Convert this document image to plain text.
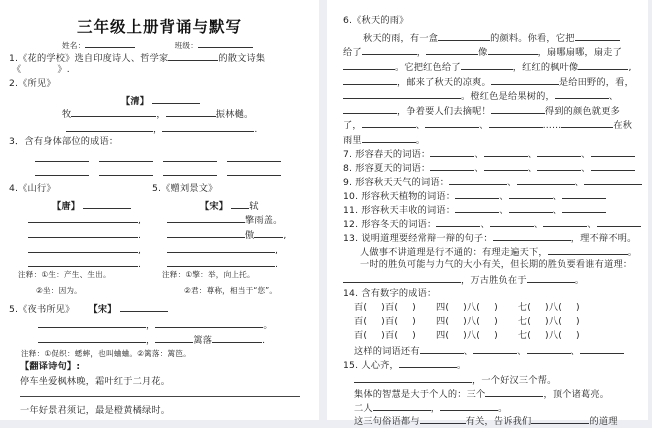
三年级上册背诵与默写
姓名：	班级：
1.《花的学校》选自印度诗人、哲学家	的散文诗集
《	》.
2.《所见》
【清】
牧	，	振林樾。
，	.
3．含有身体部位的成语：
4.《山行》
【唐】
,
.
,
.
注释：①生：产生、生出。
②坐：因为。
5.《赠刘景文》
【宋】 轼
擎雨盖。
傲	,
,
.
注释：①擎：举，向上托。
②君：尊称，相当于“您”。
5.《夜书所见》 【宋】
，	。
，	篱落	.
注释：①促织：蟋蟀，也叫蛐蛐。②篱落：篱笆。
【翻译诗句】:
停车坐爱枫林晚，霜叶红于二月花。
一年好景君须记，最是橙黄橘绿时。
6.《秋天的雨》
秋天的雨，有一盒	的颜料。你看，它把
给了	，	像	，扇哪扇哪，扇走了
。它把红色给了	，红红的枫叶像	,
，邮来了秋天的凉爽。	是给田野的，看，
。橙红色是给果树的，	、
，争着要人们去摘呢！	得到的颜色就更多
了，	、	、	……	在秋
雨里	。
7. 形容春天的词语：	、	、	、
8. 形容夏天的词语：	、	、	、
9. 形容秋天天气的词语：	、	、
10. 形容秋天植物的词语：	、	、
11. 形容秋天丰收的词语：	、	、
12. 形容冬天的词语：	、	、	、
13. 说明道理要经常辩一辩的句子：	，理不辩不明。
人做事不讲道理是行不通的：有理走遍天下，	。
一时的胜负可能与力气的大小有关，但长期的胜负要看谁有道理：
，万古胜负在于	。
14. 含有数字的成语：
百( )百( ) 四( )八( ) 七( )八( )
百( )百( ) 四( )八( ) 七( )八( )
百( )百( ) 四( )八( ) 七( )八( )
这样的词语还有	、	、	、
15. 人心齐，	。
，一个好汉三个帮。
集体的智慧是大于个人的：三个	，顶个诸葛亮。
二人	，	。
这三句俗语都与	有关，告诉我们	的道理
